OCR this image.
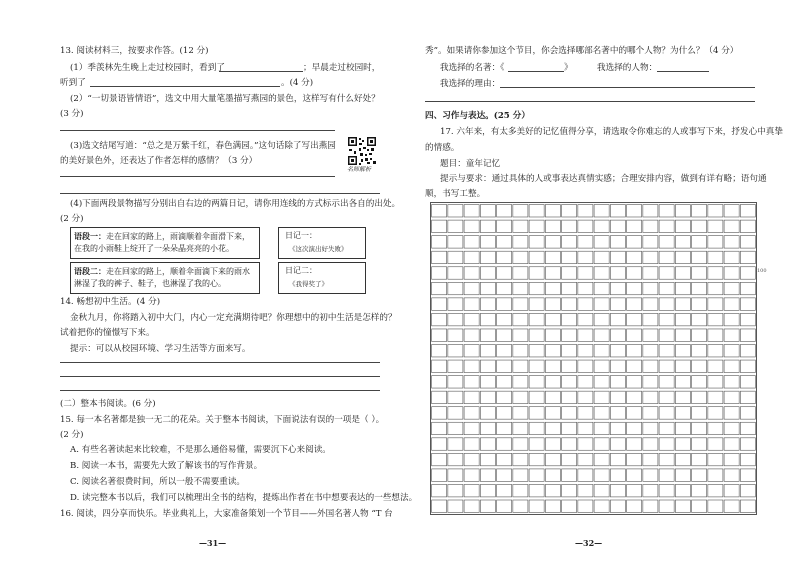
13. 阅读材料三，按要求作答。(12 分)
(1）季羡林先生晚上走过校园时，看到了	；早晨走过校园时，
听到了	。(4 分)
(2）“一切景语皆情语”，选文中用大量笔墨描写燕园的景色，这样写有什么好处？
(3 分)
(3)选文结尾写道：“总之是万紫千红，春色满园。”这句话除了写出燕园
的美好景色外，还表达了作者怎样的感情？（3 分）
名师解析
(4)下面两段景物描写分别出自右边的两篇日记，请你用连线的方式标示出各自的出处。
(2 分)
语段一：走在回家的路上，雨滴顺着伞面滑下来，在我的小雨鞋上绽开了一朵朵晶亮亮的小花。
日记一：
《这次演出好失败》
语段二：走在回家的路上，顺着伞面滴下来的雨水淋湿了我的裤子、鞋子，也淋湿了我的心。
日记二：
《我得奖了》
14. 畅想初中生活。(4 分)
金秋九月，你将踏入初中大门，内心一定充满期待吧？你理想中的初中生活是怎样的？
试着把你的憧憬写下来。
提示：可以从校园环境、学习生活等方面来写。
(二）整本书阅读。(6 分)
15. 每一本名著都是独一无二的花朵。关于整本书阅读，下面说法有误的一项是（ ）。
(2 分)
A. 有些名著读起来比较难，不是那么通俗易懂，需要沉下心来阅读。
B. 阅读一本书，需要先大致了解该书的写作背景。
C. 阅读名著很费时间，所以一般不需要重读。
D. 读完整本书以后，我们可以梳理出全书的结构，提炼出作者在书中想要表达的一些想法。
16. 阅读，四分享而快乐。毕业典礼上，大家准备策划一个节目——外国名著人物 “T 台
—31—
秀”。如果请你参加这个节目，你会选择哪部名著中的哪个人物？为什么？（4 分）
我选择的名著：《	》	我选择的人物：
我选择的理由：
四、习作与表达。(25 分）
17. 六年来，有太多美好的记忆值得分享，请选取令你难忘的人或事写下来，抒发心中真挚
的情感。
题目：童年记忆
提示与要求：通过具体的人或事表达真情实感；合理安排内容，做到有详有略；语句通
顺，书写工整。
100
—32—
